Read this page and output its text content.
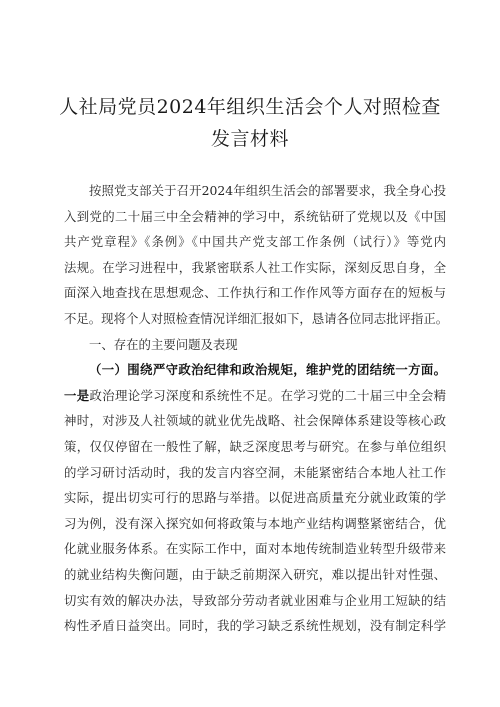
人社局党员2024年组织生活会个人对照检查
发言材料
按照党支部关于召开2024年组织生活会的部署要求，我全身心投
入到党的二十届三中全会精神的学习中，系统钻研了党规以及《中国
共产党章程》《条例》《中国共产党支部工作条例（试行）》等党内
法规。在学习进程中，我紧密联系人社工作实际，深刻反思自身，全
面深入地查找在思想观念、工作执行和工作作风等方面存在的短板与
不足。现将个人对照检查情况详细汇报如下，恳请各位同志批评指正。
一、存在的主要问题及表现
（一）围绕严守政治纪律和政治规矩，维护党的团结统一方面。
一是政治理论学习深度和系统性不足。在学习党的二十届三中全会精
神时，对涉及人社领域的就业优先战略、社会保障体系建设等核心政
策，仅仅停留在一般性了解，缺乏深度思考与研究。在参与单位组织
的学习研讨活动时，我的发言内容空洞，未能紧密结合本地人社工作
实际，提出切实可行的思路与举措。以促进高质量充分就业政策的学
习为例，没有深入探究如何将政策与本地产业结构调整紧密结合，优
化就业服务体系。在实际工作中，面对本地传统制造业转型升级带来
的就业结构失衡问题，由于缺乏前期深入研究，难以提出针对性强、
切实有效的解决办法，导致部分劳动者就业困难与企业用工短缺的结
构性矛盾日益突出。同时，我的学习缺乏系统性规划，没有制定科学
